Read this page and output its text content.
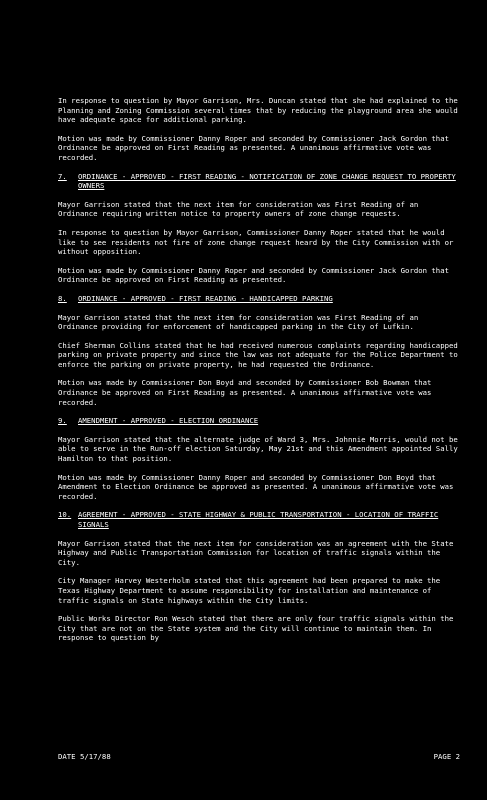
In response to question by Mayor Garrison, Mrs. Duncan stated that she had explained to the Planning and Zoning Commission several times that by reducing the playground area she would have adequate space for additional parking.

Motion was made by Commissioner Danny Roper and seconded by Commissioner Jack Gordon that Ordinance be approved on First Reading as presented. A unanimous affirmative vote was recorded.

7.	ORDINANCE - APPROVED - FIRST READING - NOTIFICATION OF ZONE CHANGE REQUEST TO PROPERTY OWNERS

Mayor Garrison stated that the next item for consideration was First Reading of an Ordinance requiring written notice to property owners of zone change requests.

In response to question by Mayor Garrison, Commissioner Danny Roper stated that he would like to see residents not fire of zone change request heard by the City Commission with or without opposition.

Motion was made by Commissioner Danny Roper and seconded by Commissioner Jack Gordon that Ordinance be approved on First Reading as presented.

8.	ORDINANCE - APPROVED - FIRST READING - HANDICAPPED PARKING

Mayor Garrison stated that the next item for consideration was First Reading of an Ordinance providing for enforcement of handicapped parking in the City of Lufkin.

Chief Sherman Collins stated that he had received numerous complaints regarding handicapped parking on private property and since the law was not adequate for the Police Department to enforce the parking on private property, he had requested the Ordinance.

Motion was made by Commissioner Don Boyd and seconded by Commissioner Bob Bowman that Ordinance be approved on First Reading as presented. A unanimous affirmative vote was recorded.

9.	AMENDMENT - APPROVED - ELECTION ORDINANCE

Mayor Garrison stated that the alternate judge of Ward 3, Mrs. Johnnie Morris, would not be able to serve in the Run-off election Saturday, May 21st and this Amendment appointed Sally Hamilton to that position.

Motion was made by Commissioner Danny Roper and seconded by Commissioner Don Boyd that Amendment to Election Ordinance be approved as presented. A unanimous affirmative vote was recorded.

10. AGREEMENT - APPROVED - STATE HIGHWAY & PUBLIC TRANSPORTATION - LOCATION OF TRAFFIC SIGNALS

Mayor Garrison stated that the next item for consideration was an agreement with the State Highway and Public Transportation Commission for location of traffic signals within the City.

City Manager Harvey Westerholm stated that this agreement had been prepared to make the Texas Highway Department to assume responsibility for installation and maintenance of traffic signals on State highways within the City limits.

Public Works Director Ron Wesch stated that there are only four traffic signals within the City that are not on the State system and the City will continue to maintain them. In response to question by

DATE 5/17/88	PAGE 2
